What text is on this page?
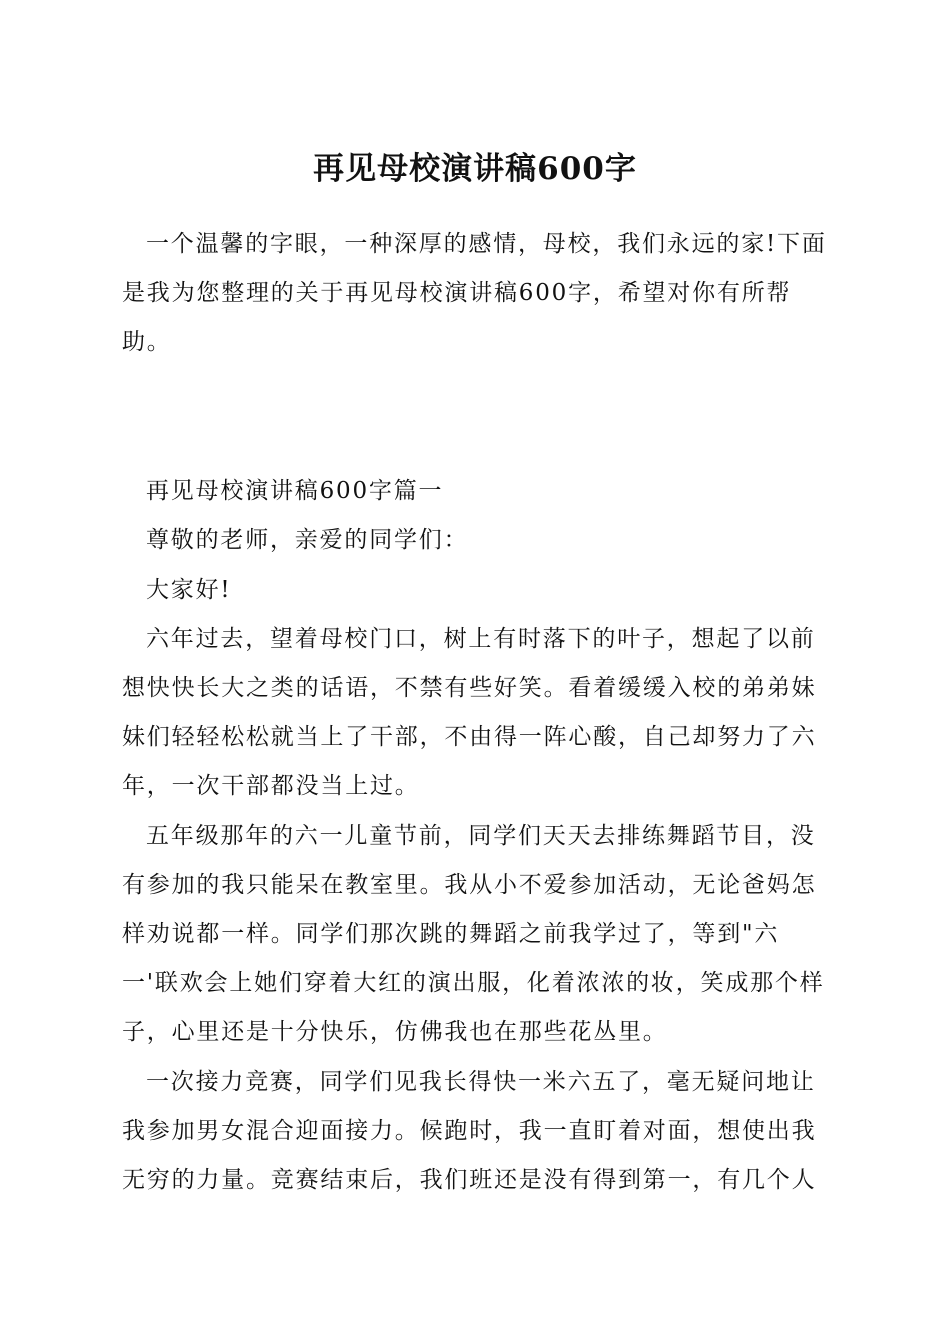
再见母校演讲稿600字

一个温馨的字眼，一种深厚的感情，母校，我们永远的家!下面是我为您整理的关于再见母校演讲稿600字，希望对你有所帮助。

再见母校演讲稿600字篇一

尊敬的老师，亲爱的同学们：

大家好!

六年过去，望着母校门口，树上有时落下的叶子，想起了以前想快快长大之类的话语，不禁有些好笑。看着缓缓入校的弟弟妹妹们轻轻松松就当上了干部，不由得一阵心酸，自己却努力了六年，一次干部都没当上过。

五年级那年的六一儿童节前，同学们天天去排练舞蹈节目，没有参加的我只能呆在教室里。我从小不爱参加活动，无论爸妈怎样劝说都一样。同学们那次跳的舞蹈之前我学过了，等到"六一'联欢会上她们穿着大红的演出服，化着浓浓的妆，笑成那个样子，心里还是十分快乐，仿佛我也在那些花丛里。

一次接力竞赛，同学们见我长得快一米六五了，毫无疑问地让我参加男女混合迎面接力。候跑时，我一直盯着对面，想使出我无穷的力量。竞赛结束后，我们班还是没有得到第一，有几个人
